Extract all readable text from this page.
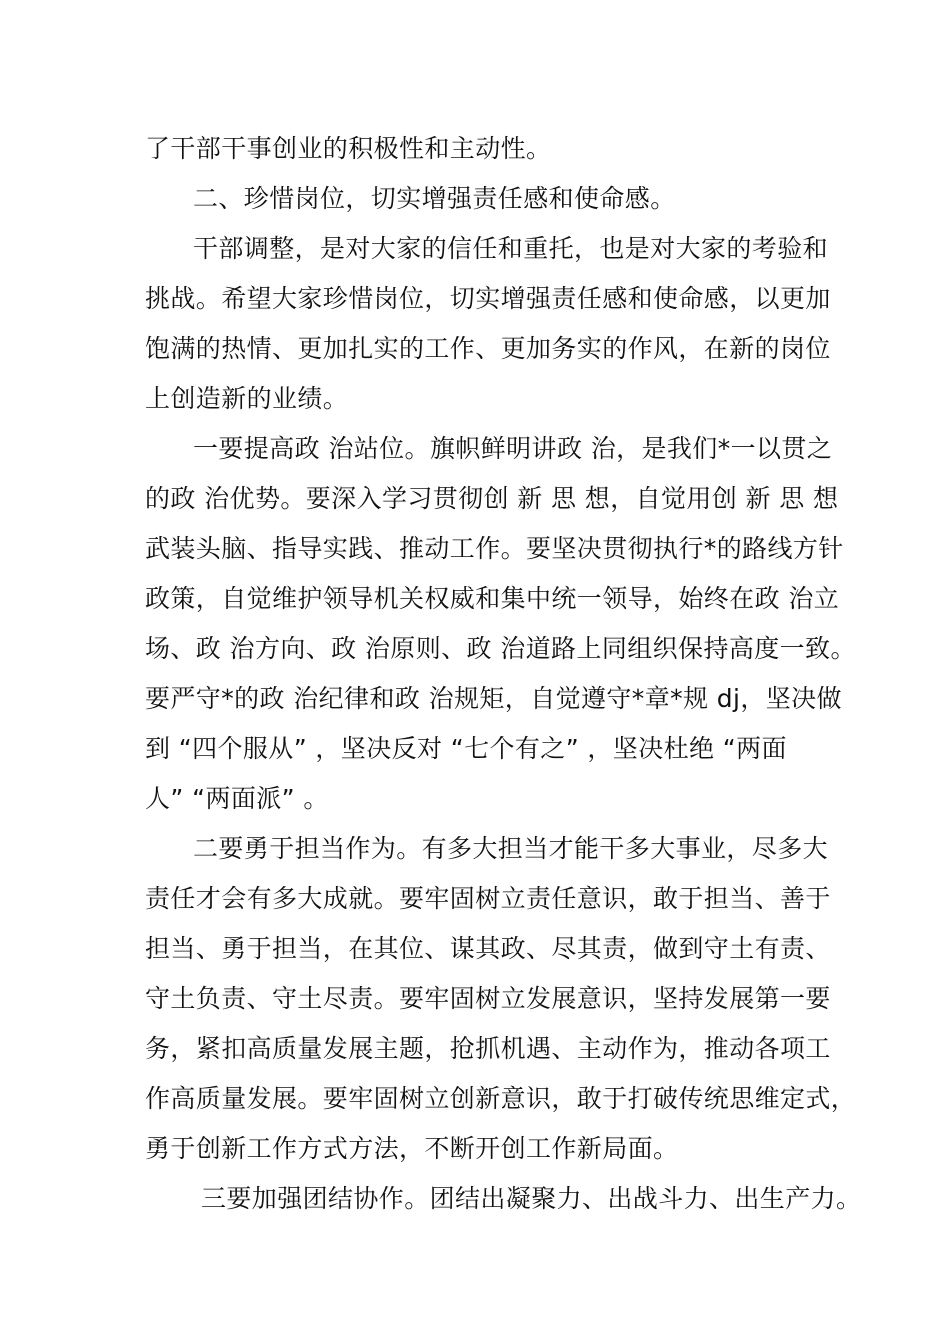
了干部干事创业的积极性和主动性。
二、珍惜岗位，切实增强责任感和使命感。
干部调整，是对大家的信任和重托，也是对大家的考验和
挑战。希望大家珍惜岗位，切实增强责任感和使命感，以更加
饱满的热情、更加扎实的工作、更加务实的作风，在新的岗位
上创造新的业绩。
一要提高政 治站位。旗帜鲜明讲政 治，是我们*一以贯之
的政 治优势。要深入学习贯彻创 新 思 想，自觉用创 新 思 想
武装头脑、指导实践、推动工作。要坚决贯彻执行*的路线方针
政策，自觉维护领导机关权威和集中统一领导，始终在政 治立
场、政 治方向、政 治原则、政 治道路上同组织保持高度一致。
要严守*的政 治纪律和政 治规矩，自觉遵守*章*规 dj，坚决做
到 “四个服从” ，坚决反对 “七个有之” ，坚决杜绝 “两面
人” “两面派” 。
二要勇于担当作为。有多大担当才能干多大事业，尽多大
责任才会有多大成就。要牢固树立责任意识，敢于担当、善于
担当、勇于担当，在其位、谋其政、尽其责，做到守土有责、
守土负责、守土尽责。要牢固树立发展意识，坚持发展第一要
务，紧扣高质量发展主题，抢抓机遇、主动作为，推动各项工
作高质量发展。要牢固树立创新意识，敢于打破传统思维定式，
勇于创新工作方式方法，不断开创工作新局面。
三要加强团结协作。团结出凝聚力、出战斗力、出生产力。
